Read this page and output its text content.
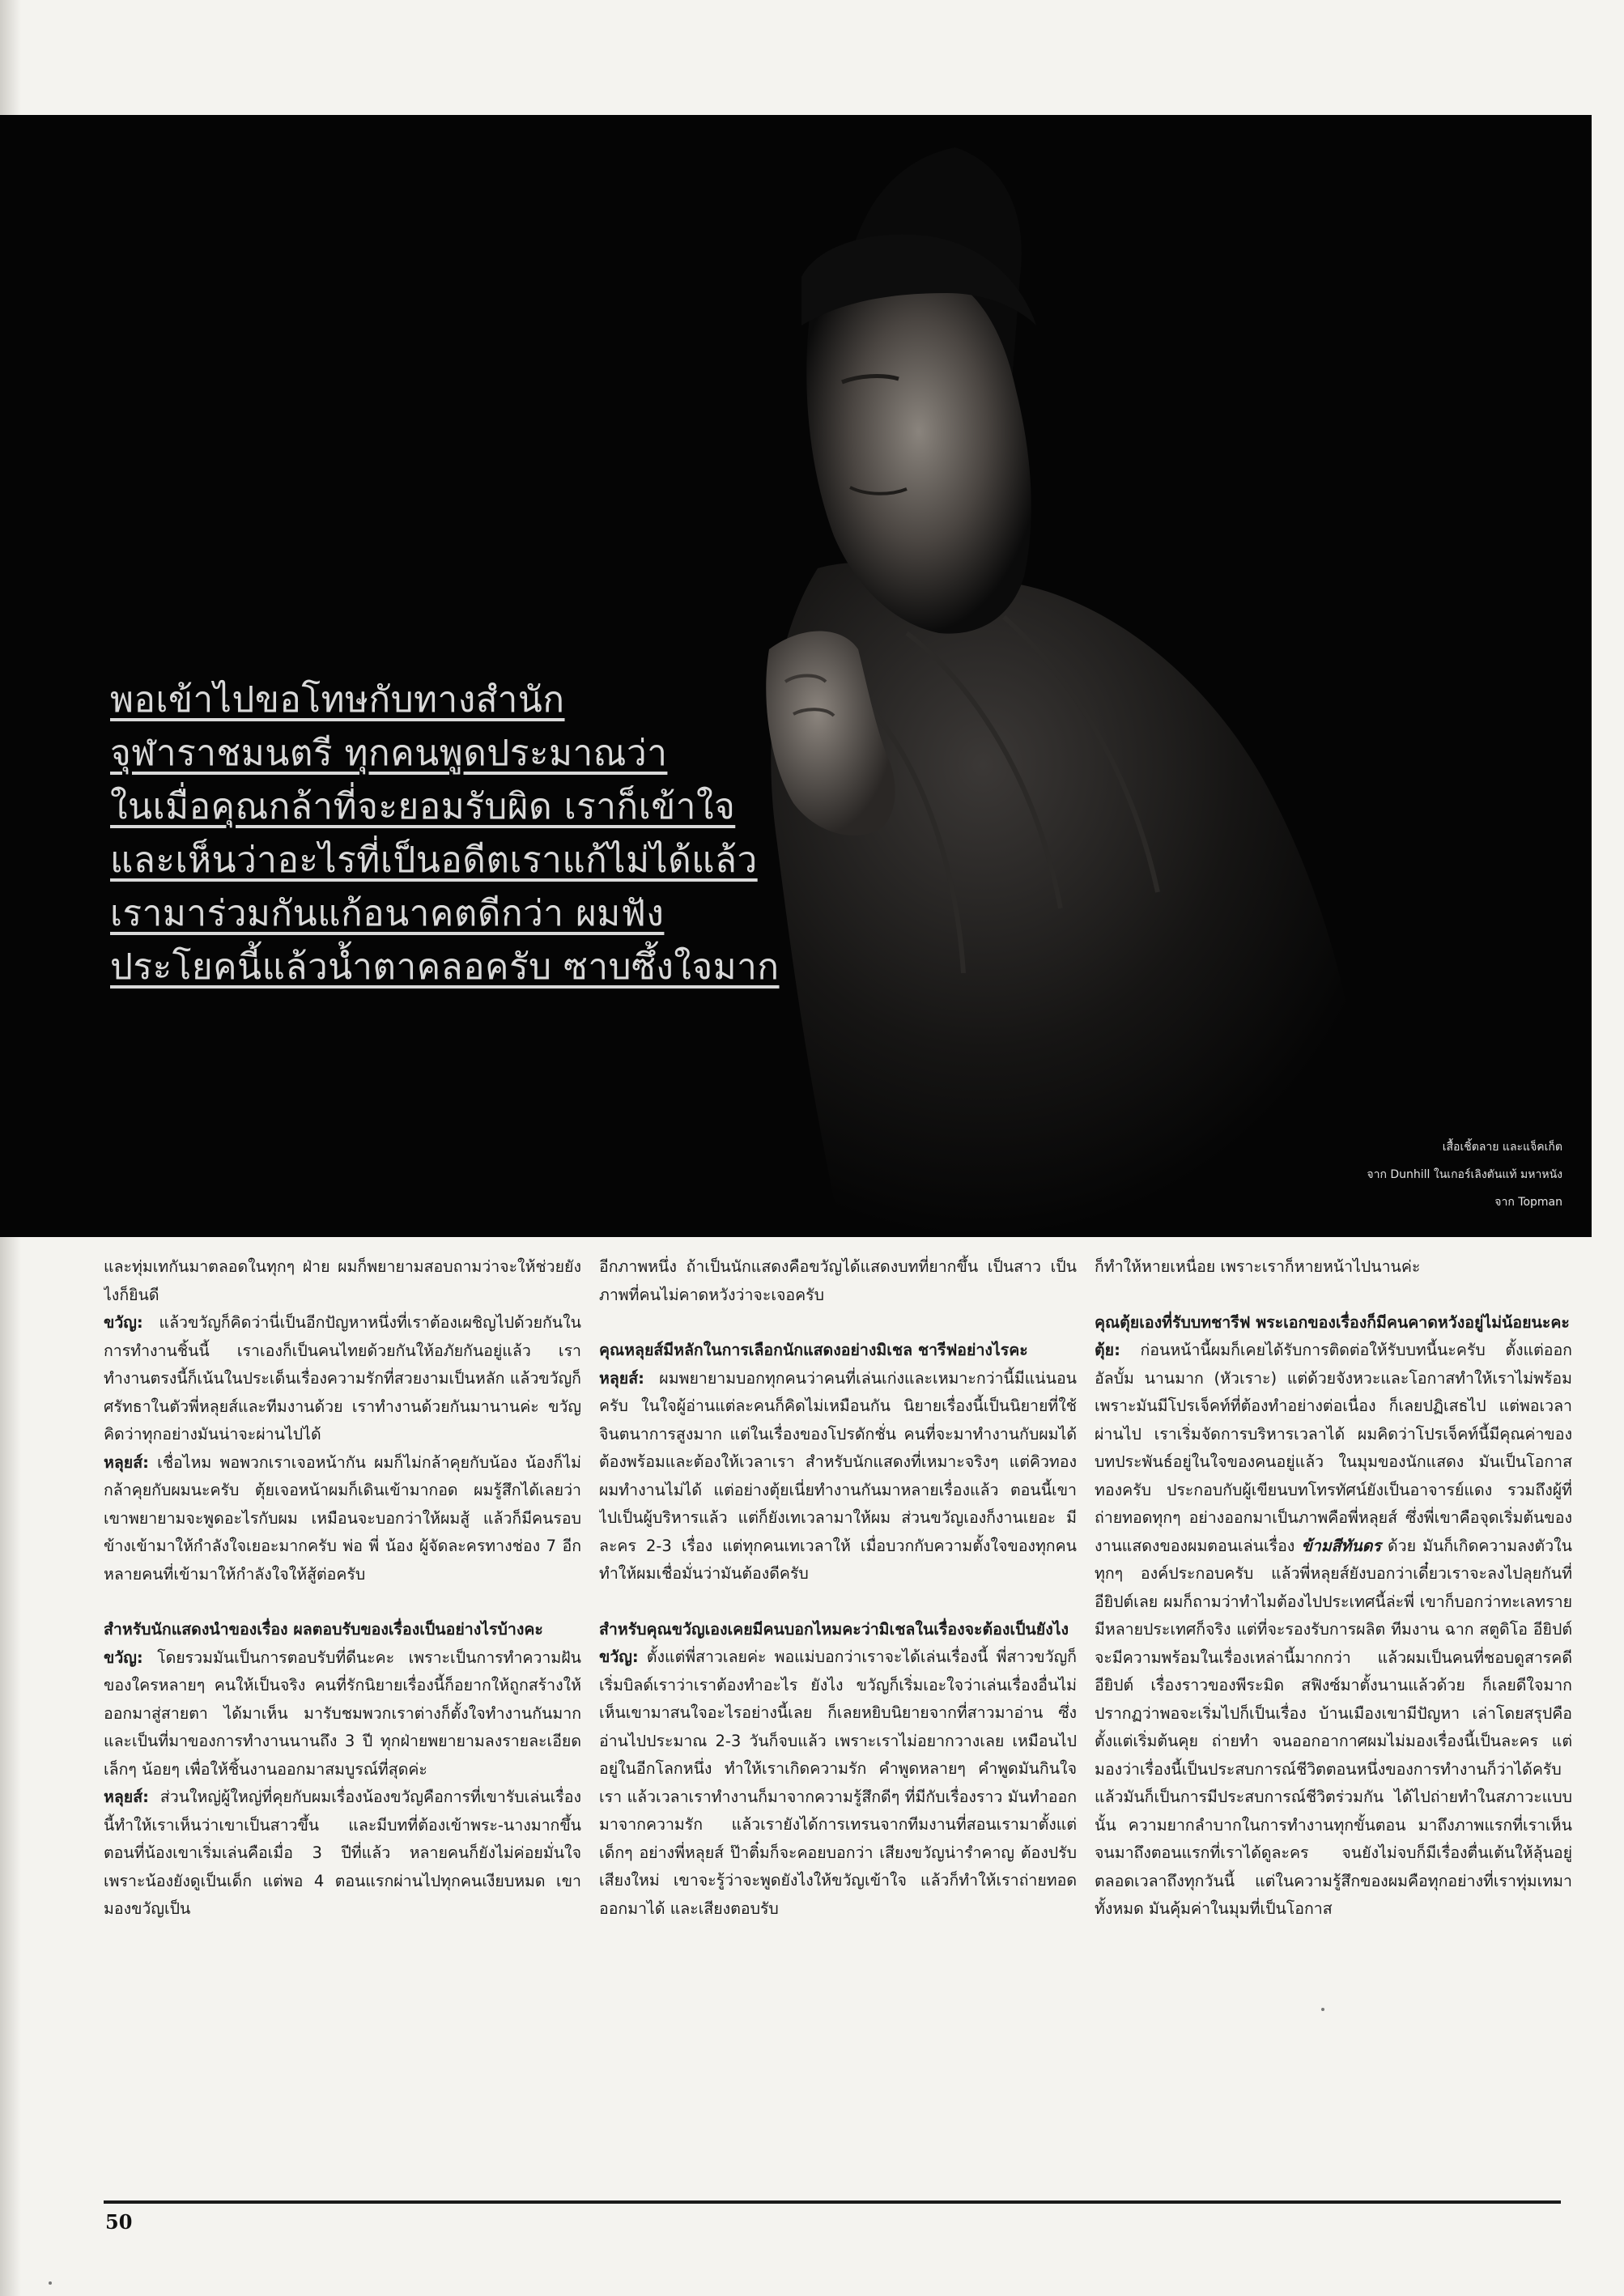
พอเข้าไปขอโทษกับทางสำนัก
จุฬาราชมนตรี ทุกคนพูดประมาณว่า
ในเมื่อคุณกล้าที่จะยอมรับผิด เราก็เข้าใจ
และเห็นว่าอะไรที่เป็นอดีตเราแก้ไม่ได้แล้ว
เรามาร่วมกันแก้อนาคตดีกว่า ผมฟัง
ประโยคนี้แล้วน้ำตาคลอครับ ซาบซึ้งใจมาก
เสื้อเชิ้ตลาย และแจ็คเก็ต
จาก Dunhill ในเกอร์เลิงตันแท้ มหาหนัง
จาก Topman

และทุ่มเทกันมาตลอดในทุกๆ ฝ่าย ผมก็พยายามสอบถามว่าจะให้ช่วยยังไงก็ยินดี

ขวัญ: แล้วขวัญก็คิดว่านี่เป็นอีกปัญหาหนึ่งที่เราต้องเผชิญไปด้วยกันในการทำงานชิ้นนี้ เราเองก็เป็นคนไทยด้วยกันให้อภัยกันอยู่แล้ว เราทำงานตรงนี้ก็เน้นในประเด็นเรื่องความรักที่สวยงามเป็นหลัก แล้วขวัญก็ศรัทธาในตัวพี่หลุยส์และทีมงานด้วย เราทำงานด้วยกันมานานค่ะ ขวัญคิดว่าทุกอย่างมันน่าจะผ่านไปได้

หลุยส์: เชื่อไหม พอพวกเราเจอหน้ากัน ผมก็ไม่กล้าคุยกับน้อง น้องก็ไม่กล้าคุยกับผมนะครับ ตุ้ยเจอหน้าผมก็เดินเข้ามากอด ผมรู้สึกได้เลยว่าเขาพยายามจะพูดอะไรกับผม เหมือนจะบอกว่าให้ผมสู้ แล้วก็มีคนรอบข้างเข้ามาให้กำลังใจเยอะมากครับ พ่อ พี่ น้อง ผู้จัดละครทางช่อง 7 อีกหลายคนที่เข้ามาให้กำลังใจให้สู้ต่อครับ

สำหรับนักแสดงนำของเรื่อง ผลตอบรับของเรื่องเป็นอย่างไรบ้างคะ

ขวัญ: โดยรวมมันเป็นการตอบรับที่ดีนะคะ เพราะเป็นการทำความฝันของใครหลายๆ คนให้เป็นจริง คนที่รักนิยายเรื่องนี้ก็อยากให้ถูกสร้างให้ออกมาสู่สายตา ได้มาเห็น มารับชมพวกเราต่างก็ตั้งใจทำงานกันมาก และเป็นที่มาของการทำงานนานถึง 3 ปี ทุกฝ่ายพยายามลงรายละเอียดเล็กๆ น้อยๆ เพื่อให้ชิ้นงานออกมาสมบูรณ์ที่สุดค่ะ

หลุยส์: ส่วนใหญ่ผู้ใหญ่ที่คุยกับผมเรื่องน้องขวัญคือการที่เขารับเล่นเรื่องนี้ทำให้เราเห็นว่าเขาเป็นสาวขึ้น และมีบทที่ต้องเข้าพระ-นางมากขึ้น ตอนที่น้องเขาเริ่มเล่นคือเมื่อ 3 ปีที่แล้ว หลายคนก็ยังไม่ค่อยมั่นใจ เพราะน้องยังดูเป็นเด็ก แต่พอ 4 ตอนแรกผ่านไปทุกคนเงียบหมด เขามองขวัญเป็น

อีกภาพหนึ่ง ถ้าเป็นนักแสดงคือขวัญได้แสดงบทที่ยากขึ้น เป็นสาว เป็นภาพที่คนไม่คาดหวังว่าจะเจอครับ

คุณหลุยส์มีหลักในการเลือกนักแสดงอย่างมิเชล ชารีฟอย่างไรคะ

หลุยส์: ผมพยายามบอกทุกคนว่าคนที่เล่นเก่งและเหมาะกว่านี้มีแน่นอนครับ ในใจผู้อ่านแต่ละคนก็คิดไม่เหมือนกัน นิยายเรื่องนี้เป็นนิยายที่ใช้จินตนาการสูงมาก แต่ในเรื่องของโปรดักชั่น คนที่จะมาทำงานกับผมได้ต้องพร้อมและต้องให้เวลาเรา สำหรับนักแสดงที่เหมาะจริงๆ แต่คิวทอง ผมทำงานไม่ได้ แต่อย่างตุ้ยเนี่ยทำงานกันมาหลายเรื่องแล้ว ตอนนี้เขาไปเป็นผู้บริหารแล้ว แต่ก็ยังเทเวลามาให้ผม ส่วนขวัญเองก็งานเยอะ มีละคร 2-3 เรื่อง แต่ทุกคนเทเวลาให้ เมื่อบวกกับความตั้งใจของทุกคน ทำให้ผมเชื่อมั่นว่ามันต้องดีครับ

สำหรับคุณขวัญเองเคยมีคนบอกไหมคะว่ามิเชลในเรื่องจะต้องเป็นยังไง

ขวัญ: ตั้งแต่พี่สาวเลยค่ะ พอแม่บอกว่าเราจะได้เล่นเรื่องนี้ พี่สาวขวัญก็เริ่มบิลด์เราว่าเราต้องทำอะไร ยังไง ขวัญก็เริ่มเอะใจว่าเล่นเรื่องอื่นไม่เห็นเขามาสนใจอะไรอย่างนี้เลย ก็เลยหยิบนิยายจากที่สาวมาอ่าน ซึ่งอ่านไปประมาณ 2-3 วันก็จบแล้ว เพราะเราไม่อยากวางเลย เหมือนไปอยู่ในอีกโลกหนึ่ง ทำให้เราเกิดความรัก คำพูดหลายๆ คำพูดมันกินใจเรา แล้วเวลาเราทำงานก็มาจากความรู้สึกดีๆ ที่มีกับเรื่องราว มันทำออกมาจากความรัก แล้วเรายังได้การเทรนจากทีมงานที่สอนเรามาตั้งแต่เด็กๆ อย่างพี่หลุยส์ ป๊าติ๋มก็จะคอยบอกว่า เสียงขวัญน่ารำคาญ ต้องปรับเสียงใหม่ เขาจะรู้ว่าจะพูดยังไงให้ขวัญเข้าใจ แล้วก็ทำให้เราถ่ายทอดออกมาได้ และเสียงตอบรับ

ก็ทำให้หายเหนื่อย เพราะเราก็หายหน้าไปนานค่ะ

คุณตุ้ยเองที่รับบทชารีฟ พระเอกของเรื่องก็มีคนคาดหวังอยู่ไม่น้อยนะคะ

ตุ้ย: ก่อนหน้านี้ผมก็เคยได้รับการติดต่อให้รับบทนี้นะครับ ตั้งแต่ออกอัลบั้ม นานมาก (หัวเราะ) แต่ด้วยจังหวะและโอกาสทำให้เราไม่พร้อม เพราะมันมีโปรเจ็คท์ที่ต้องทำอย่างต่อเนื่อง ก็เลยปฏิเสธไป แต่พอเวลาผ่านไป เราเริ่มจัดการบริหารเวลาได้ ผมคิดว่าโปรเจ็คท์นี้มีคุณค่าของบทประพันธ์อยู่ในใจของคนอยู่แล้ว ในมุมของนักแสดง มันเป็นโอกาสทองครับ ประกอบกับผู้เขียนบทโทรทัศน์ยังเป็นอาจารย์แดง รวมถึงผู้ที่ถ่ายทอดทุกๆ อย่างออกมาเป็นภาพคือพี่หลุยส์ ซึ่งพี่เขาคือจุดเริ่มต้นของงานแสดงของผมตอนเล่นเรื่อง ข้ามสีทันดร ด้วย มันก็เกิดความลงตัวในทุกๆ องค์ประกอบครับ แล้วพี่หลุยส์ยังบอกว่าเดี๋ยวเราจะลงไปลุยกันที่อียิปต์เลย ผมก็ถามว่าทำไมต้องไปประเทศนี้ล่ะพี่ เขาก็บอกว่าทะเลทรายมีหลายประเทศก็จริง แต่ที่จะรองรับการผลิต ทีมงาน ฉาก สตูดิโอ อียิปต์จะมีความพร้อมในเรื่องเหล่านี้มากกว่า แล้วผมเป็นคนที่ชอบดูสารคดีอียิปต์ เรื่องราวของพีระมิด สฟิงซ์มาตั้งนานแล้วด้วย ก็เลยดีใจมาก ปรากฏว่าพอจะเริ่มไปก็เป็นเรื่อง บ้านเมืองเขามีปัญหา เล่าโดยสรุปคือตั้งแต่เริ่มต้นคุย ถ่ายทำ จนออกอากาศผมไม่มองเรื่องนี้เป็นละคร แต่มองว่าเรื่องนี้เป็นประสบการณ์ชีวิตตอนหนึ่งของการทำงานก็ว่าได้ครับ แล้วมันก็เป็นการมีประสบการณ์ชีวิตร่วมกัน ได้ไปถ่ายทำในสภาวะแบบนั้น ความยากลำบากในการทำงานทุกขั้นตอน มาถึงภาพแรกที่เราเห็นจนมาถึงตอนแรกที่เราได้ดูละคร จนยังไม่จบก็มีเรื่องตื่นเต้นให้ลุ้นอยู่ตลอดเวลาถึงทุกวันนี้ แต่ในความรู้สึกของผมคือทุกอย่างที่เราทุ่มเทมาทั้งหมด มันคุ้มค่าในมุมที่เป็นโอกาส

50
